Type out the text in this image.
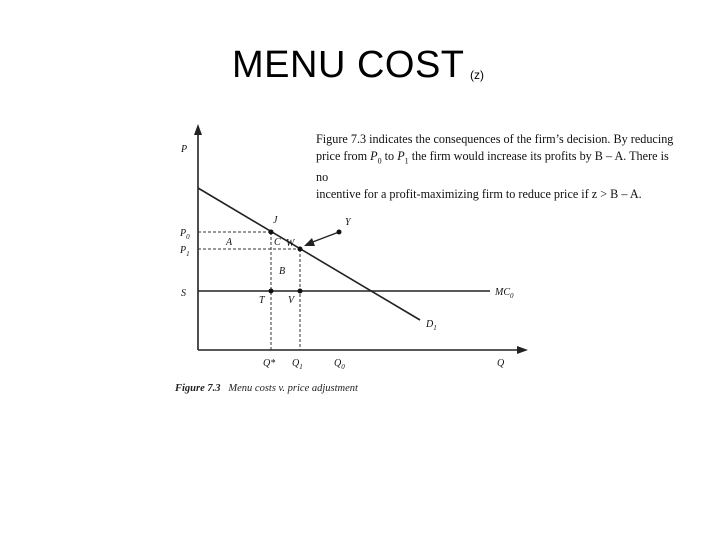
MENU COST (z)
Figure 7.3 indicates the consequences of the firm’s decision. By reducing
price from $P_0$ to $P_1$ the firm would increase its profits by B – A. There is no
incentive for a profit-maximizing firm to reduce price if z > B – A.
P
Q
$P_0$
$P_1$
S
Q* $Q_1$	$Q_0$
$MC_0$
$D_1$
J	Y
C W
T V
A
B
Figure 7.3 Menu costs v. price adjustment
